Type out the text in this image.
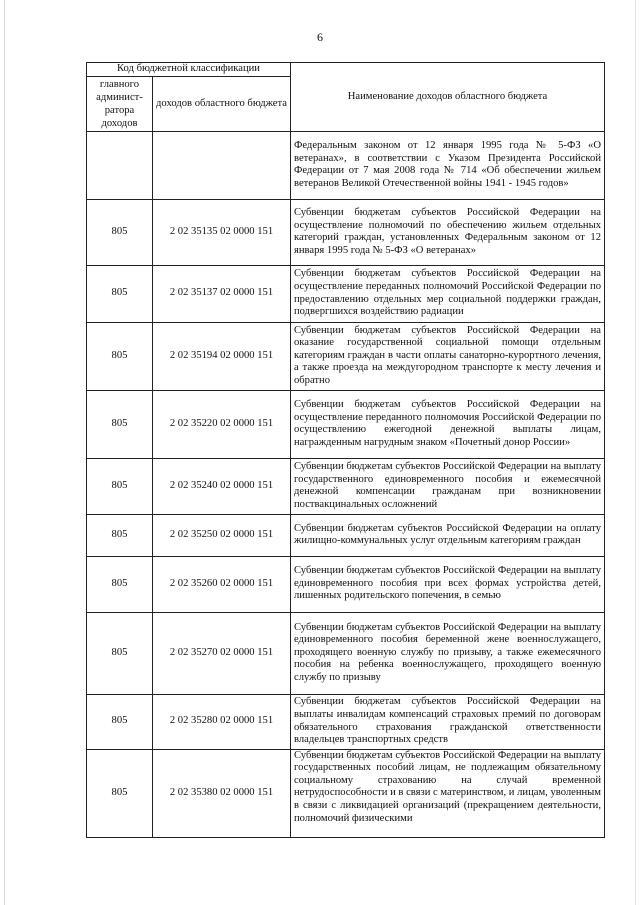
6
Код бюджетной классификации		Наименование доходов областного бюджета
главного админист-ратора доходов	доходов областного бюджета	
		Федеральным законом от 12 января 1995 года № 5-ФЗ «О ветеранах», в соответствии с Указом Президента Российской Федерации от 7 мая 2008 года № 714 «Об обеспечении жильем ветеранов Великой Отечественной войны 1941 - 1945 годов»
805	2 02 35135 02 0000 151	Субвенции бюджетам субъектов Российской Федерации на осуществление полномочий по обеспечению жильем отдельных категорий граждан, установленных Федеральным законом от 12 января 1995 года № 5-ФЗ «О ветеранах»
805	2 02 35137 02 0000 151	Субвенции бюджетам субъектов Российской Федерации на осуществление переданных полномочий Российской Федерации по предоставлению отдельных мер социальной поддержки граждан, подвергшихся воздействию радиации
805	2 02 35194 02 0000 151	Субвенции бюджетам субъектов Российской Федерации на оказание государственной социальной помощи отдельным категориям граждан в части оплаты санаторно-курортного лечения, а также проезда на междугородном транспорте к месту лечения и обратно
805	2 02 35220 02 0000 151	Субвенции бюджетам субъектов Российской Федерации на осуществление переданного полномочия Российской Федерации по осуществлению ежегодной денежной выплаты лицам, награжденным нагрудным знаком «Почетный донор России»
805	2 02 35240 02 0000 151	Субвенции бюджетам субъектов Российской Федерации на выплату государственного единовременного пособия и ежемесячной денежной компенсации гражданам при возникновении поствакцинальных осложнений
805	2 02 35250 02 0000 151	Субвенции бюджетам субъектов Российской Федерации на оплату жилищно-коммунальных услуг отдельным категориям граждан
805	2 02 35260 02 0000 151	Субвенции бюджетам субъектов Российской Федерации на выплату единовременного пособия при всех формах устройства детей, лишенных родительского попечения, в семью
805	2 02 35270 02 0000 151	Субвенции бюджетам субъектов Российской Федерации на выплату единовременного пособия беременной жене военнослужащего, проходящего военную службу по призыву, а также ежемесячного пособия на ребенка военнослужащего, проходящего военную службу по призыву
805	2 02 35280 02 0000 151	Субвенции бюджетам субъектов Российской Федерации на выплаты инвалидам компенсаций страховых премий по договорам обязательного страхования гражданской ответственности владельцев транспортных средств
805	2 02 35380 02 0000 151	Субвенции бюджетам субъектов Российской Федерации на выплату государственных пособий лицам, не подлежащим обязательному социальному страхованию на случай временной нетрудоспособности и в связи с материнством, и лицам, уволенным в связи с ликвидацией организаций (прекращением деятельности, полномочий физическими
